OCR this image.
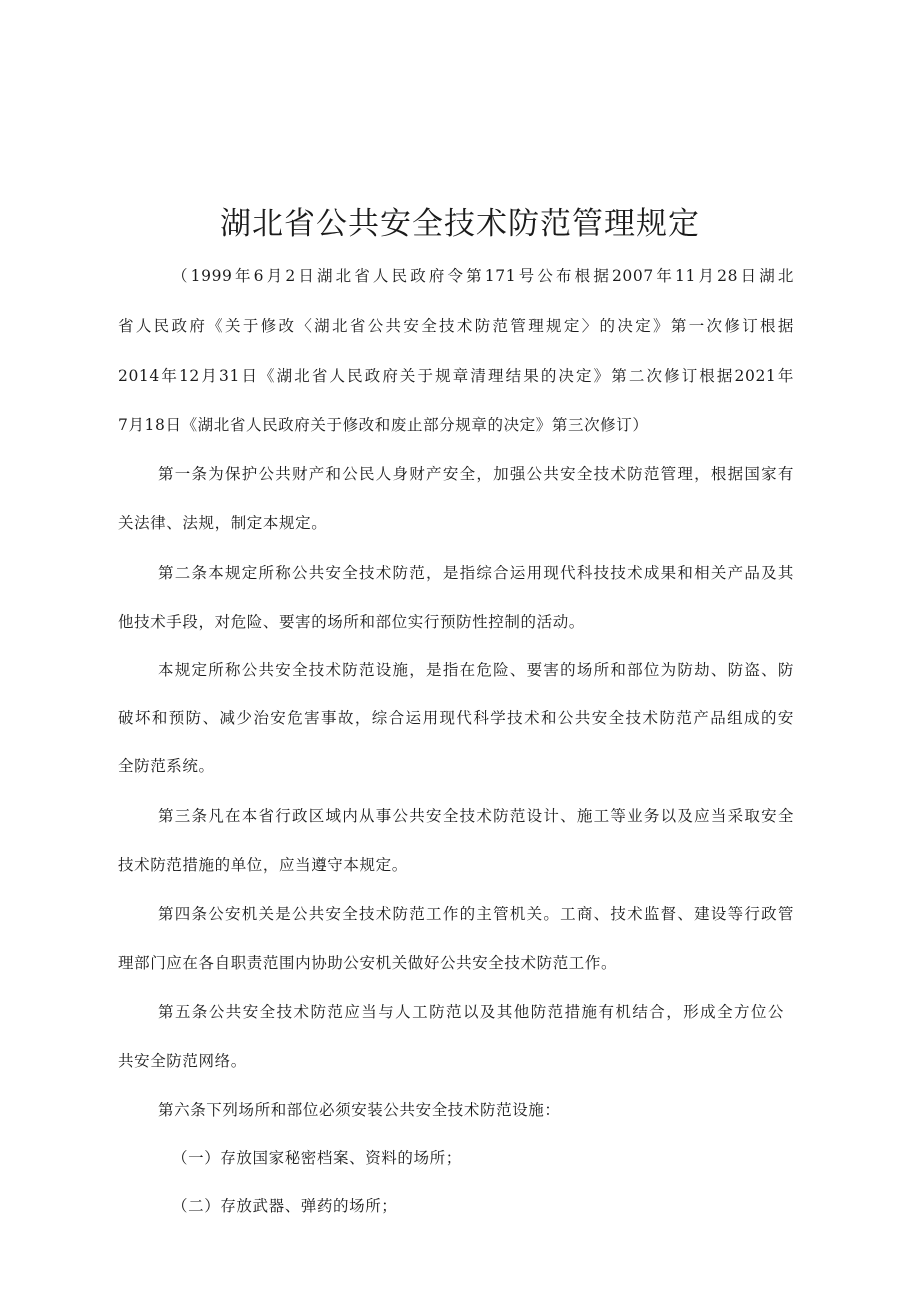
湖北省公共安全技术防范管理规定
（1999年6月2日湖北省人民政府令第171号公布根据2007年11月28日湖北
省人民政府《关于修改〈湖北省公共安全技术防范管理规定〉的决定》第一次修订根据
2014年12月31日《湖北省人民政府关于规章清理结果的决定》第二次修订根据2021年
7月18日《湖北省人民政府关于修改和废止部分规章的决定》第三次修订）
第一条为保护公共财产和公民人身财产安全，加强公共安全技术防范管理，根据国家有
关法律、法规，制定本规定。
第二条本规定所称公共安全技术防范，是指综合运用现代科技技术成果和相关产品及其
他技术手段，对危险、要害的场所和部位实行预防性控制的活动。
本规定所称公共安全技术防范设施，是指在危险、要害的场所和部位为防劫、防盗、防
破坏和预防、减少治安危害事故，综合运用现代科学技术和公共安全技术防范产品组成的安
全防范系统。
第三条凡在本省行政区域内从事公共安全技术防范设计、施工等业务以及应当采取安全
技术防范措施的单位，应当遵守本规定。
第四条公安机关是公共安全技术防范工作的主管机关。工商、技术监督、建设等行政管
理部门应在各自职责范围内协助公安机关做好公共安全技术防范工作。
第五条公共安全技术防范应当与人工防范以及其他防范措施有机结合，形成全方位公
共安全防范网络。
第六条下列场所和部位必须安装公共安全技术防范设施：
（一）存放国家秘密档案、资料的场所；
（二）存放武器、弹药的场所；
